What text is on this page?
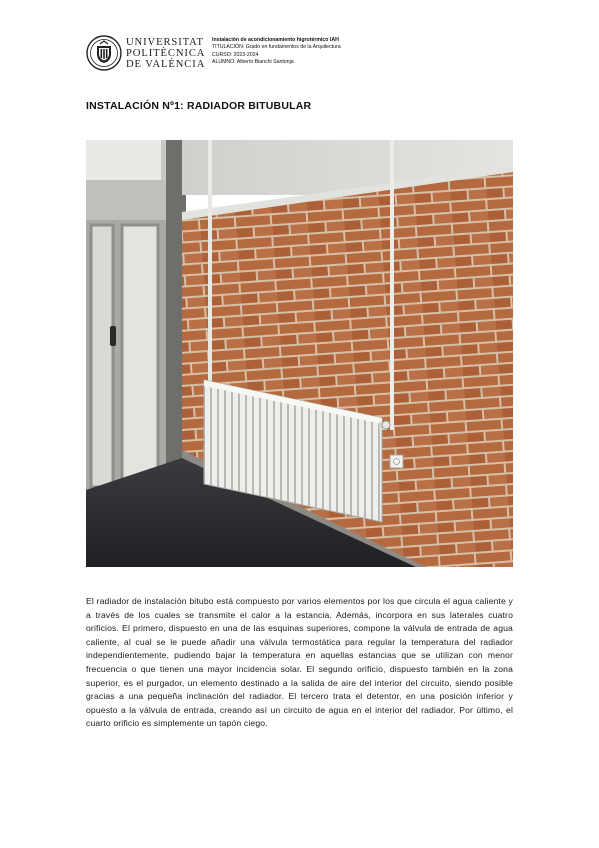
UNIVERSITAT
POLITÈCNICA
DE VALÈNCIA
Instalación de acondicionamiento higrotérmico IAH
TITULACIÓN: Grado en fundamentos de la Arquitectura
CURSO: 2023-2024
ALUMNO: Alberto Bianchi Santonja
INSTALACIÓN Nº1: RADIADOR BITUBULAR

El radiador de instalación bitubo está compuesto por varios elementos por los que circula el agua caliente y a través de los cuales se transmite el calor a la estancia. Además, incorpora en sus laterales cuatro orificios. El primero, dispuesto en una de las esquinas superiores, compone la válvula de entrada de agua caliente, al cual se le puede añadir una válvula termostática para regular la temperatura del radiador independientemente, pudiendo bajar la temperatura en aquellas estancias que se utilizan con menor frecuencia o que tienen una mayor incidencia solar. El segundo orificio, dispuesto también en la zona superior, es el purgador, un elemento destinado a la salida de aire del interior del circuito, siendo posible gracias a una pequeña inclinación del radiador. El tercero trata el detentor, en una posición inferior y opuesto a la válvula de entrada, creando así un circuito de agua en el interior del radiador. Por último, el cuarto orificio es simplemente un tapón ciego.
